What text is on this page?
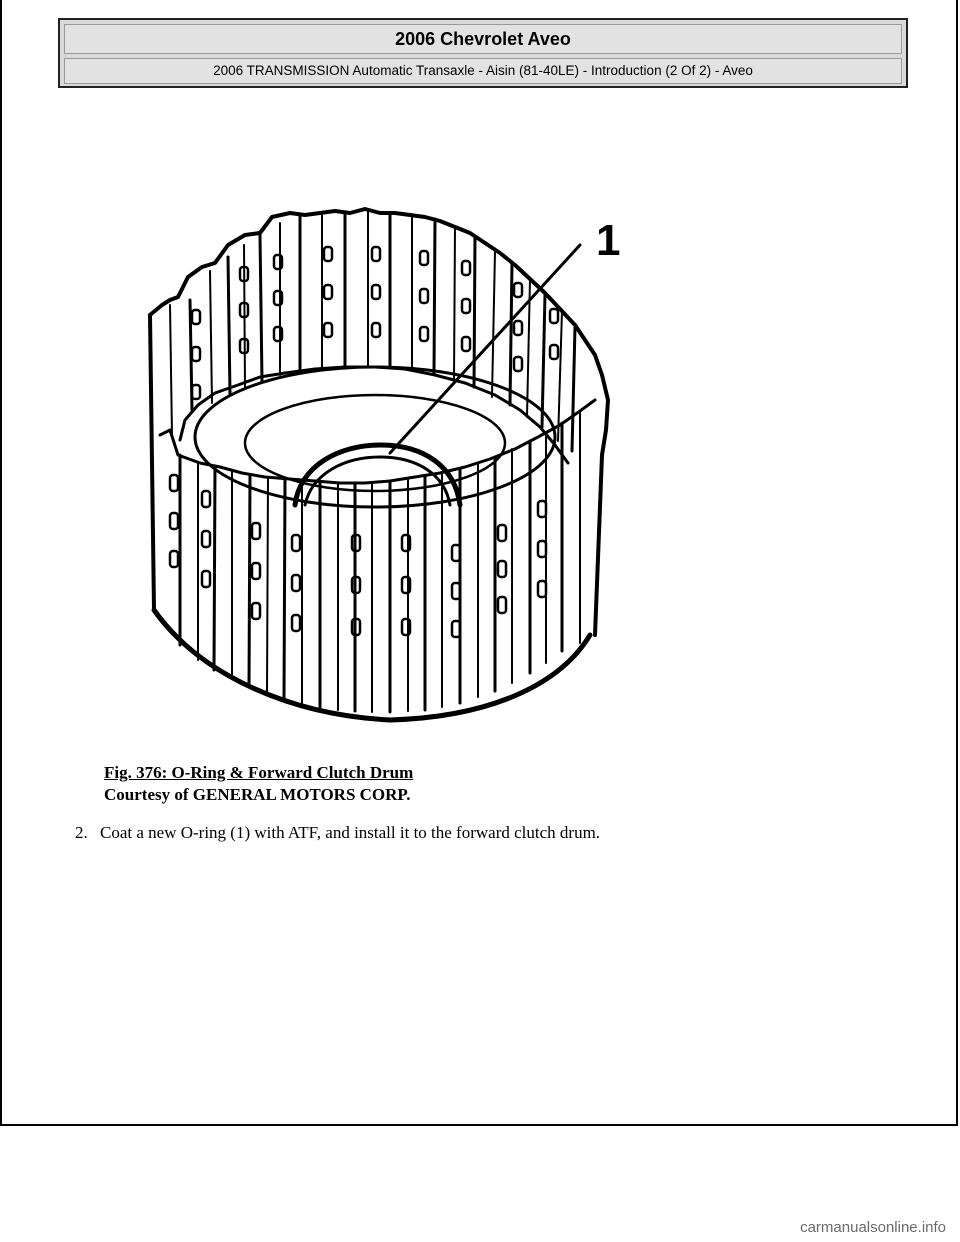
2006 Chevrolet Aveo
2006 TRANSMISSION Automatic Transaxle - Aisin (81-40LE) - Introduction (2 Of 2) - Aveo
1
Fig. 376: O-Ring & Forward Clutch Drum
Courtesy of GENERAL MOTORS CORP.
2. Coat a new O-ring (1) with ATF, and install it to the forward clutch drum.
carmanualsonline.info
